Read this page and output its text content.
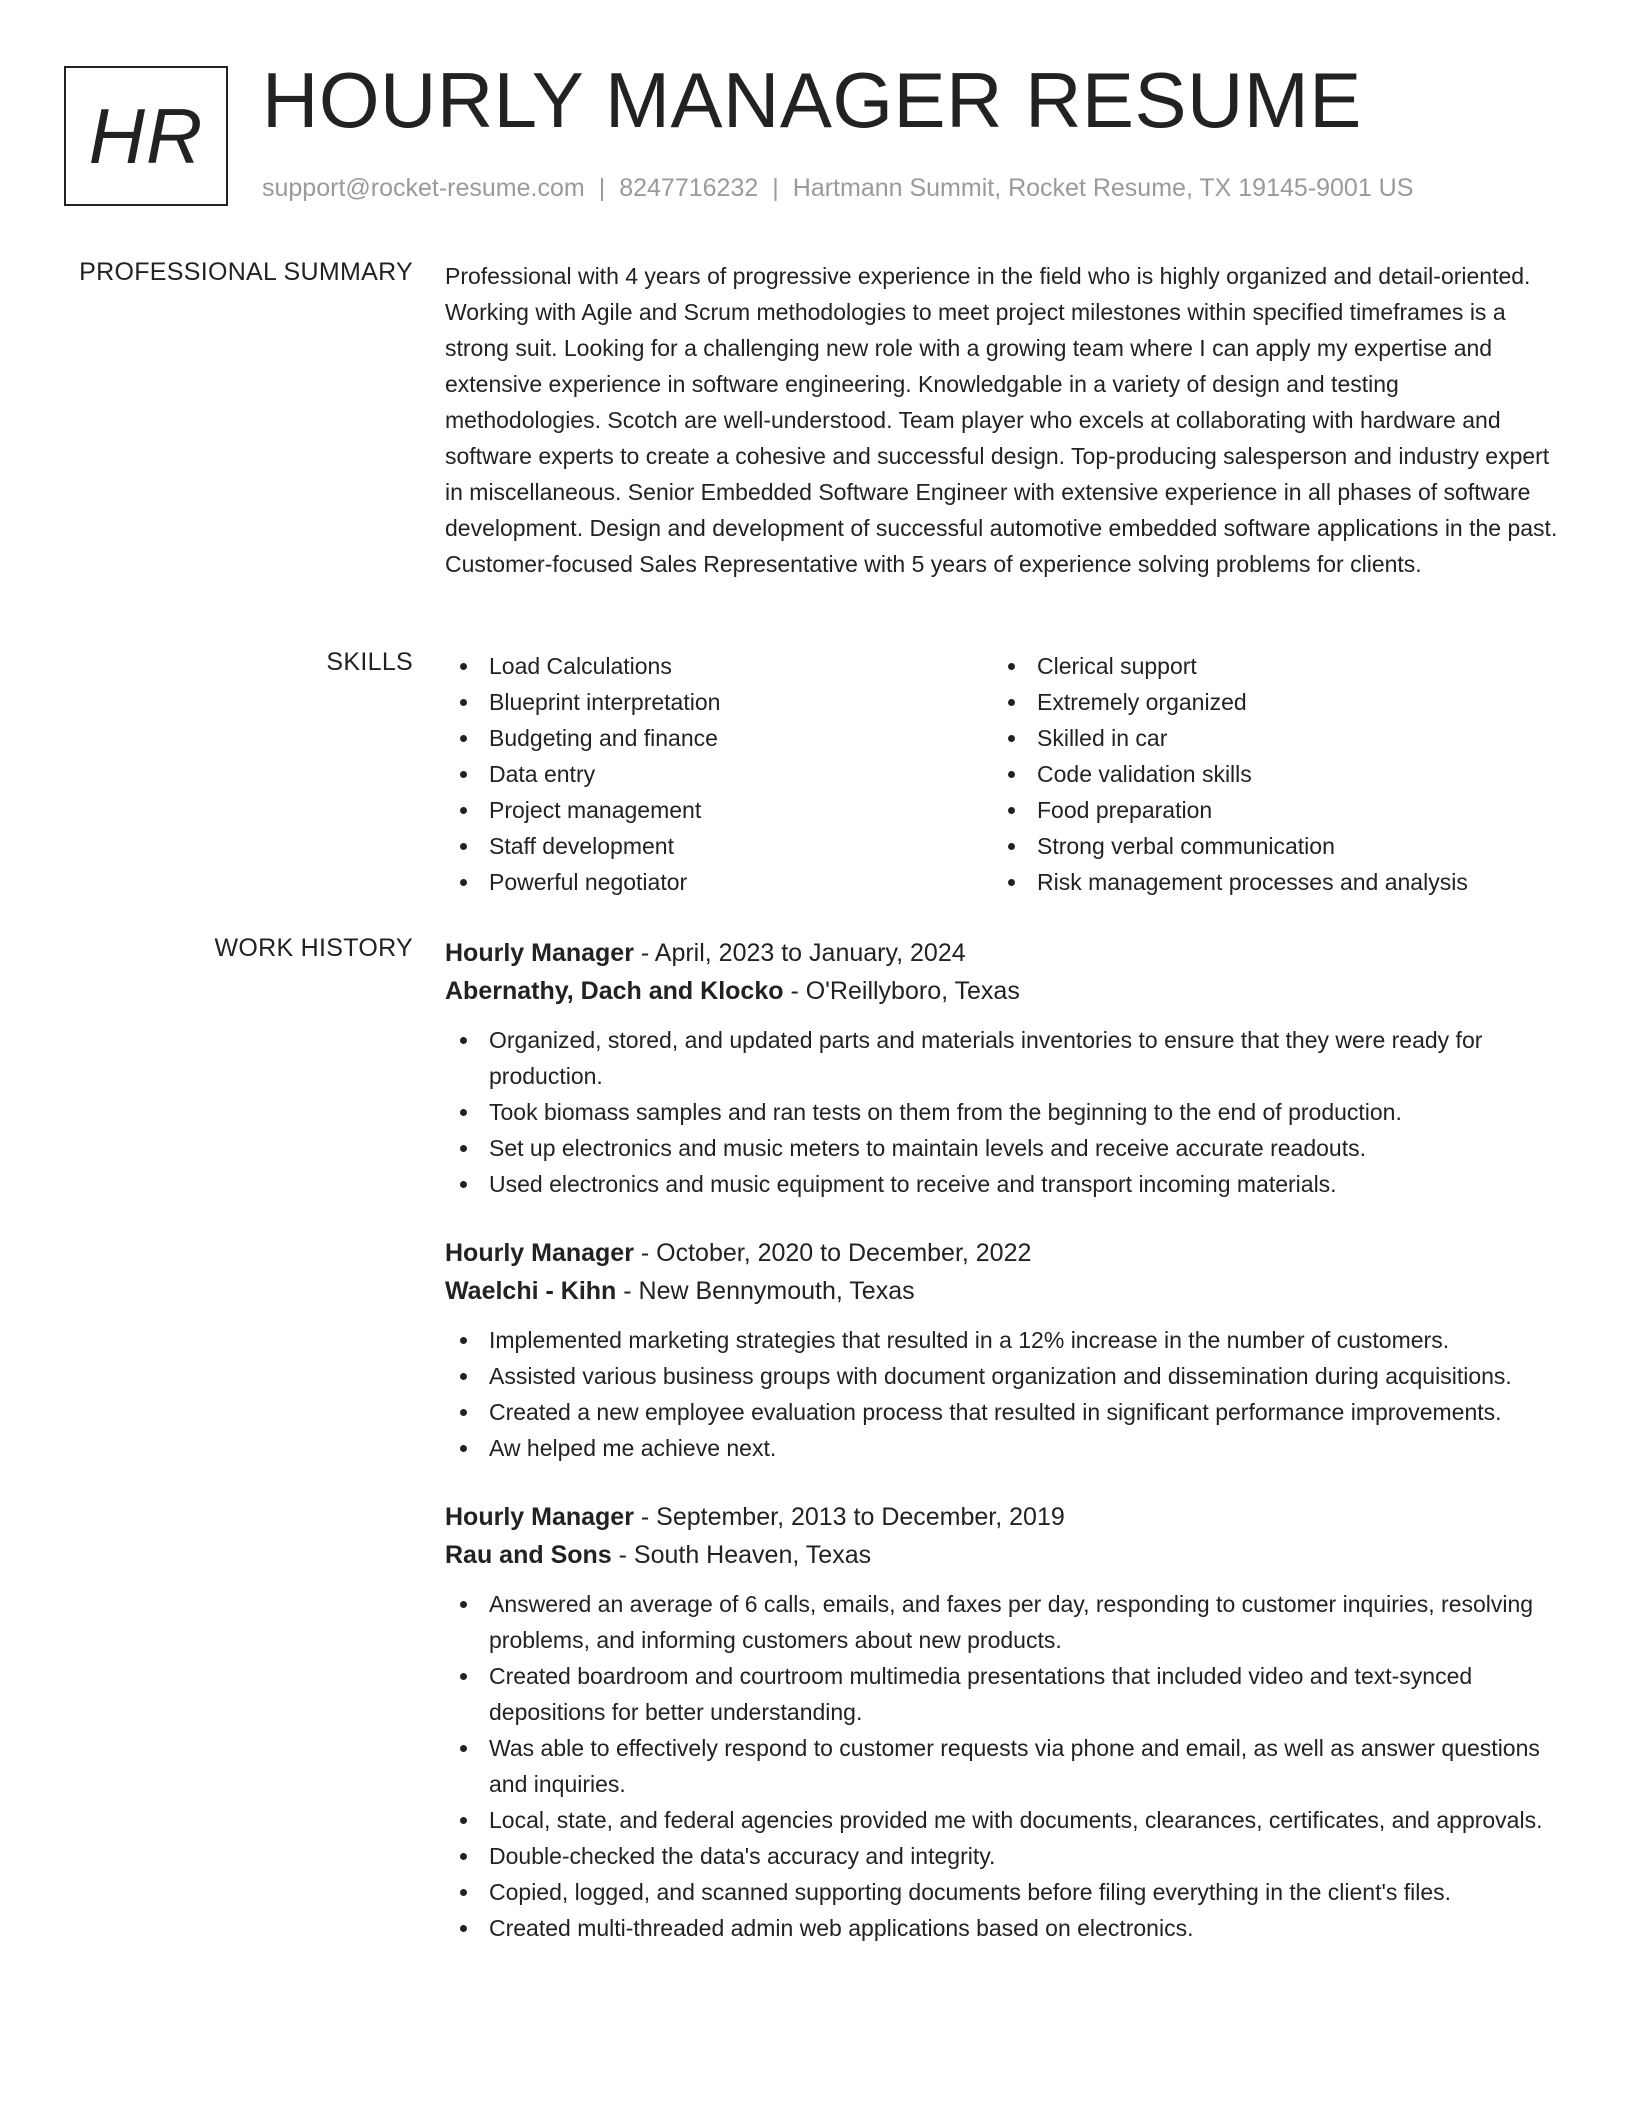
HR HOURLY MANAGER RESUME
support@rocket-resume.com | 8247716232 | Hartmann Summit, Rocket Resume, TX 19145-9001 US
PROFESSIONAL SUMMARY Professional with 4 years of progressive experience in the field who is highly organized and detail-oriented. Working with Agile and Scrum methodologies to meet project milestones within specified timeframes is a strong suit. Looking for a challenging new role with a growing team where I can apply my expertise and extensive experience in software engineering. Knowledgable in a variety of design and testing methodologies. Scotch are well-understood. Team player who excels at collaborating with hardware and software experts to create a cohesive and successful design. Top-producing salesperson and industry expert in miscellaneous. Senior Embedded Software Engineer with extensive experience in all phases of software development. Design and development of successful automotive embedded software applications in the past. Customer-focused Sales Representative with 5 years of experience solving problems for clients.

SKILLS	Load Calculations
Blueprint interpretation
Budgeting and finance
Data entry
Project management
Staff development
Powerful negotiator
Clerical support
Extremely organized
Skilled in car
Code validation skills
Food preparation
Strong verbal communication
Risk management processes and analysis
WORK HISTORY Hourly Manager - April, 2023 to January, 2024
Abernathy, Dach and Klocko - O'Reillyboro, Texas
Organized, stored, and updated parts and materials inventories to ensure that they were ready for production.
Took biomass samples and ran tests on them from the beginning to the end of production.
Set up electronics and music meters to maintain levels and receive accurate readouts.
Used electronics and music equipment to receive and transport incoming materials.
Hourly Manager - October, 2020 to December, 2022
Waelchi - Kihn - New Bennymouth, Texas
Implemented marketing strategies that resulted in a 12% increase in the number of customers.
Assisted various business groups with document organization and dissemination during acquisitions.
Created a new employee evaluation process that resulted in significant performance improvements.
Aw helped me achieve next.
Hourly Manager - September, 2013 to December, 2019
Rau and Sons - South Heaven, Texas
Answered an average of 6 calls, emails, and faxes per day, responding to customer inquiries, resolving problems, and informing customers about new products.
Created boardroom and courtroom multimedia presentations that included video and text-synced depositions for better understanding.
Was able to effectively respond to customer requests via phone and email, as well as answer questions and inquiries.
Local, state, and federal agencies provided me with documents, clearances, certificates, and approvals.
Double-checked the data's accuracy and integrity.
Copied, logged, and scanned supporting documents before filing everything in the client's files.
Created multi-threaded admin web applications based on electronics.
